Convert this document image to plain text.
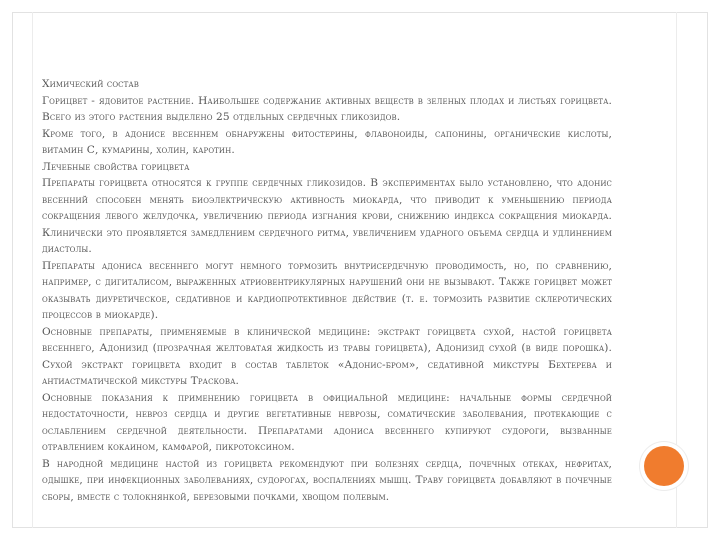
Химический состав

Горицвет - ядовитое растение. Наибольшее содержание активных веществ в зеленых плодах и листьях горицвета. Всего из этого растения выделено 25 отдельных сердечных гликозидов.

Кроме того, в адонисе весеннем обнаружены фитостерины, флавоноиды, сапонины, органические кислоты, витамин С, кумарины, холин, каротин.

Лечебные свойства горицвета

Препараты горицвета относятся к группе сердечных гликозидов. В экспериментах было установлено, что адонис весенний способен менять биоэлектрическую активность миокарда, что приводит к уменьшению периода сокращения левого желудочка, увеличению периода изгнания крови, снижению индекса сокращения миокарда. Клинически это проявляется замедлением сердечного ритма, увеличением ударного объема сердца и удлинением диастолы.

Препараты адониса весеннего могут немного тормозить внутрисердечную проводимость, но, по сравнению, например, с дигиталисом, выраженных атриовентрикулярных нарушений они не вызывают. Также горицвет может оказывать диуретическое, седативное и кардиопротективное действие (т. е. тормозить развитие склеротических процессов в миокарде).

Основные препараты, применяемые в клинической медицине: экстракт горицвета сухой, настой горицвета весеннего, Адонизид (прозрачная желтоватая жидкость из травы горицвета), Адонизид сухой (в виде порошка). Сухой экстракт горицвета входит в состав таблеток «Адонис-бром», седативной микстуры Бехтерева и антиастматической микстуры Траскова.

Основные показания к применению горицвета в официальной медицине: начальные формы сердечной недостаточности, невроз сердца и другие вегетативные неврозы, соматические заболевания, протекающие с ослаблением сердечной деятельности. Препаратами адониса весеннего купируют судороги, вызванные отравлением кокаином, камфарой, пикротоксином.

В народной медицине настой из горицвета рекомендуют при болезнях сердца, почечных отеках, нефритах, одышке, при инфекционных заболеваниях, судорогах, воспалениях мышц. Траву горицвета добавляют в почечные сборы, вместе с толокнянкой, березовыми почками, хвощом полевым.
